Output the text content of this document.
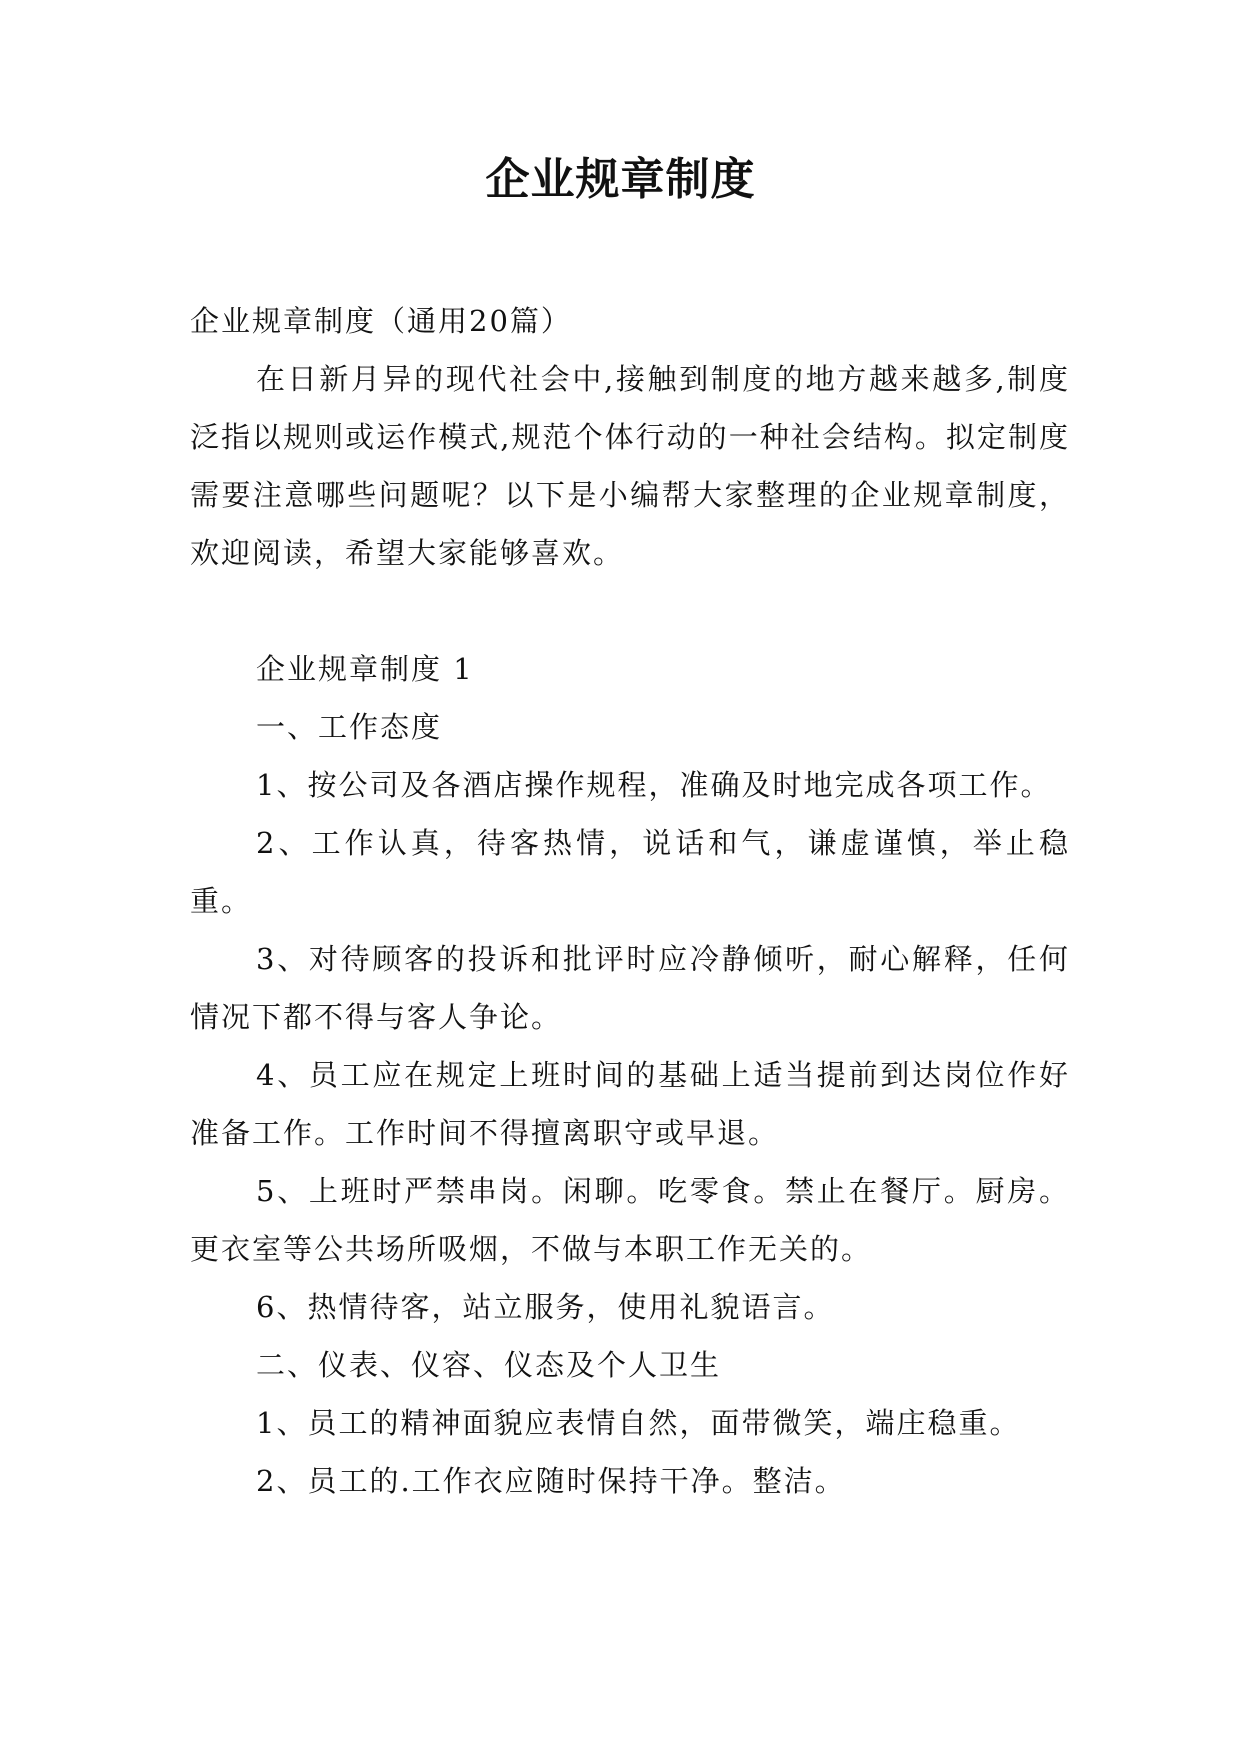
企业规章制度

企业规章制度（通用20篇）

在日新月异的现代社会中,接触到制度的地方越来越多,制度泛指以规则或运作模式,规范个体行动的一种社会结构。拟定制度需要注意哪些问题呢？以下是小编帮大家整理的企业规章制度，欢迎阅读，希望大家能够喜欢。

企业规章制度 1

一、工作态度

1、按公司及各酒店操作规程，准确及时地完成各项工作。

2、工作认真，待客热情，说话和气，谦虚谨慎，举止稳重。

3、对待顾客的投诉和批评时应冷静倾听，耐心解释，任何情况下都不得与客人争论。

4、员工应在规定上班时间的基础上适当提前到达岗位作好准备工作。工作时间不得擅离职守或早退。

5、上班时严禁串岗。闲聊。吃零食。禁止在餐厅。厨房。更衣室等公共场所吸烟，不做与本职工作无关的。

6、热情待客，站立服务，使用礼貌语言。

二、仪表、仪容、仪态及个人卫生

1、员工的精神面貌应表情自然，面带微笑，端庄稳重。

2、员工的.工作衣应随时保持干净。整洁。
